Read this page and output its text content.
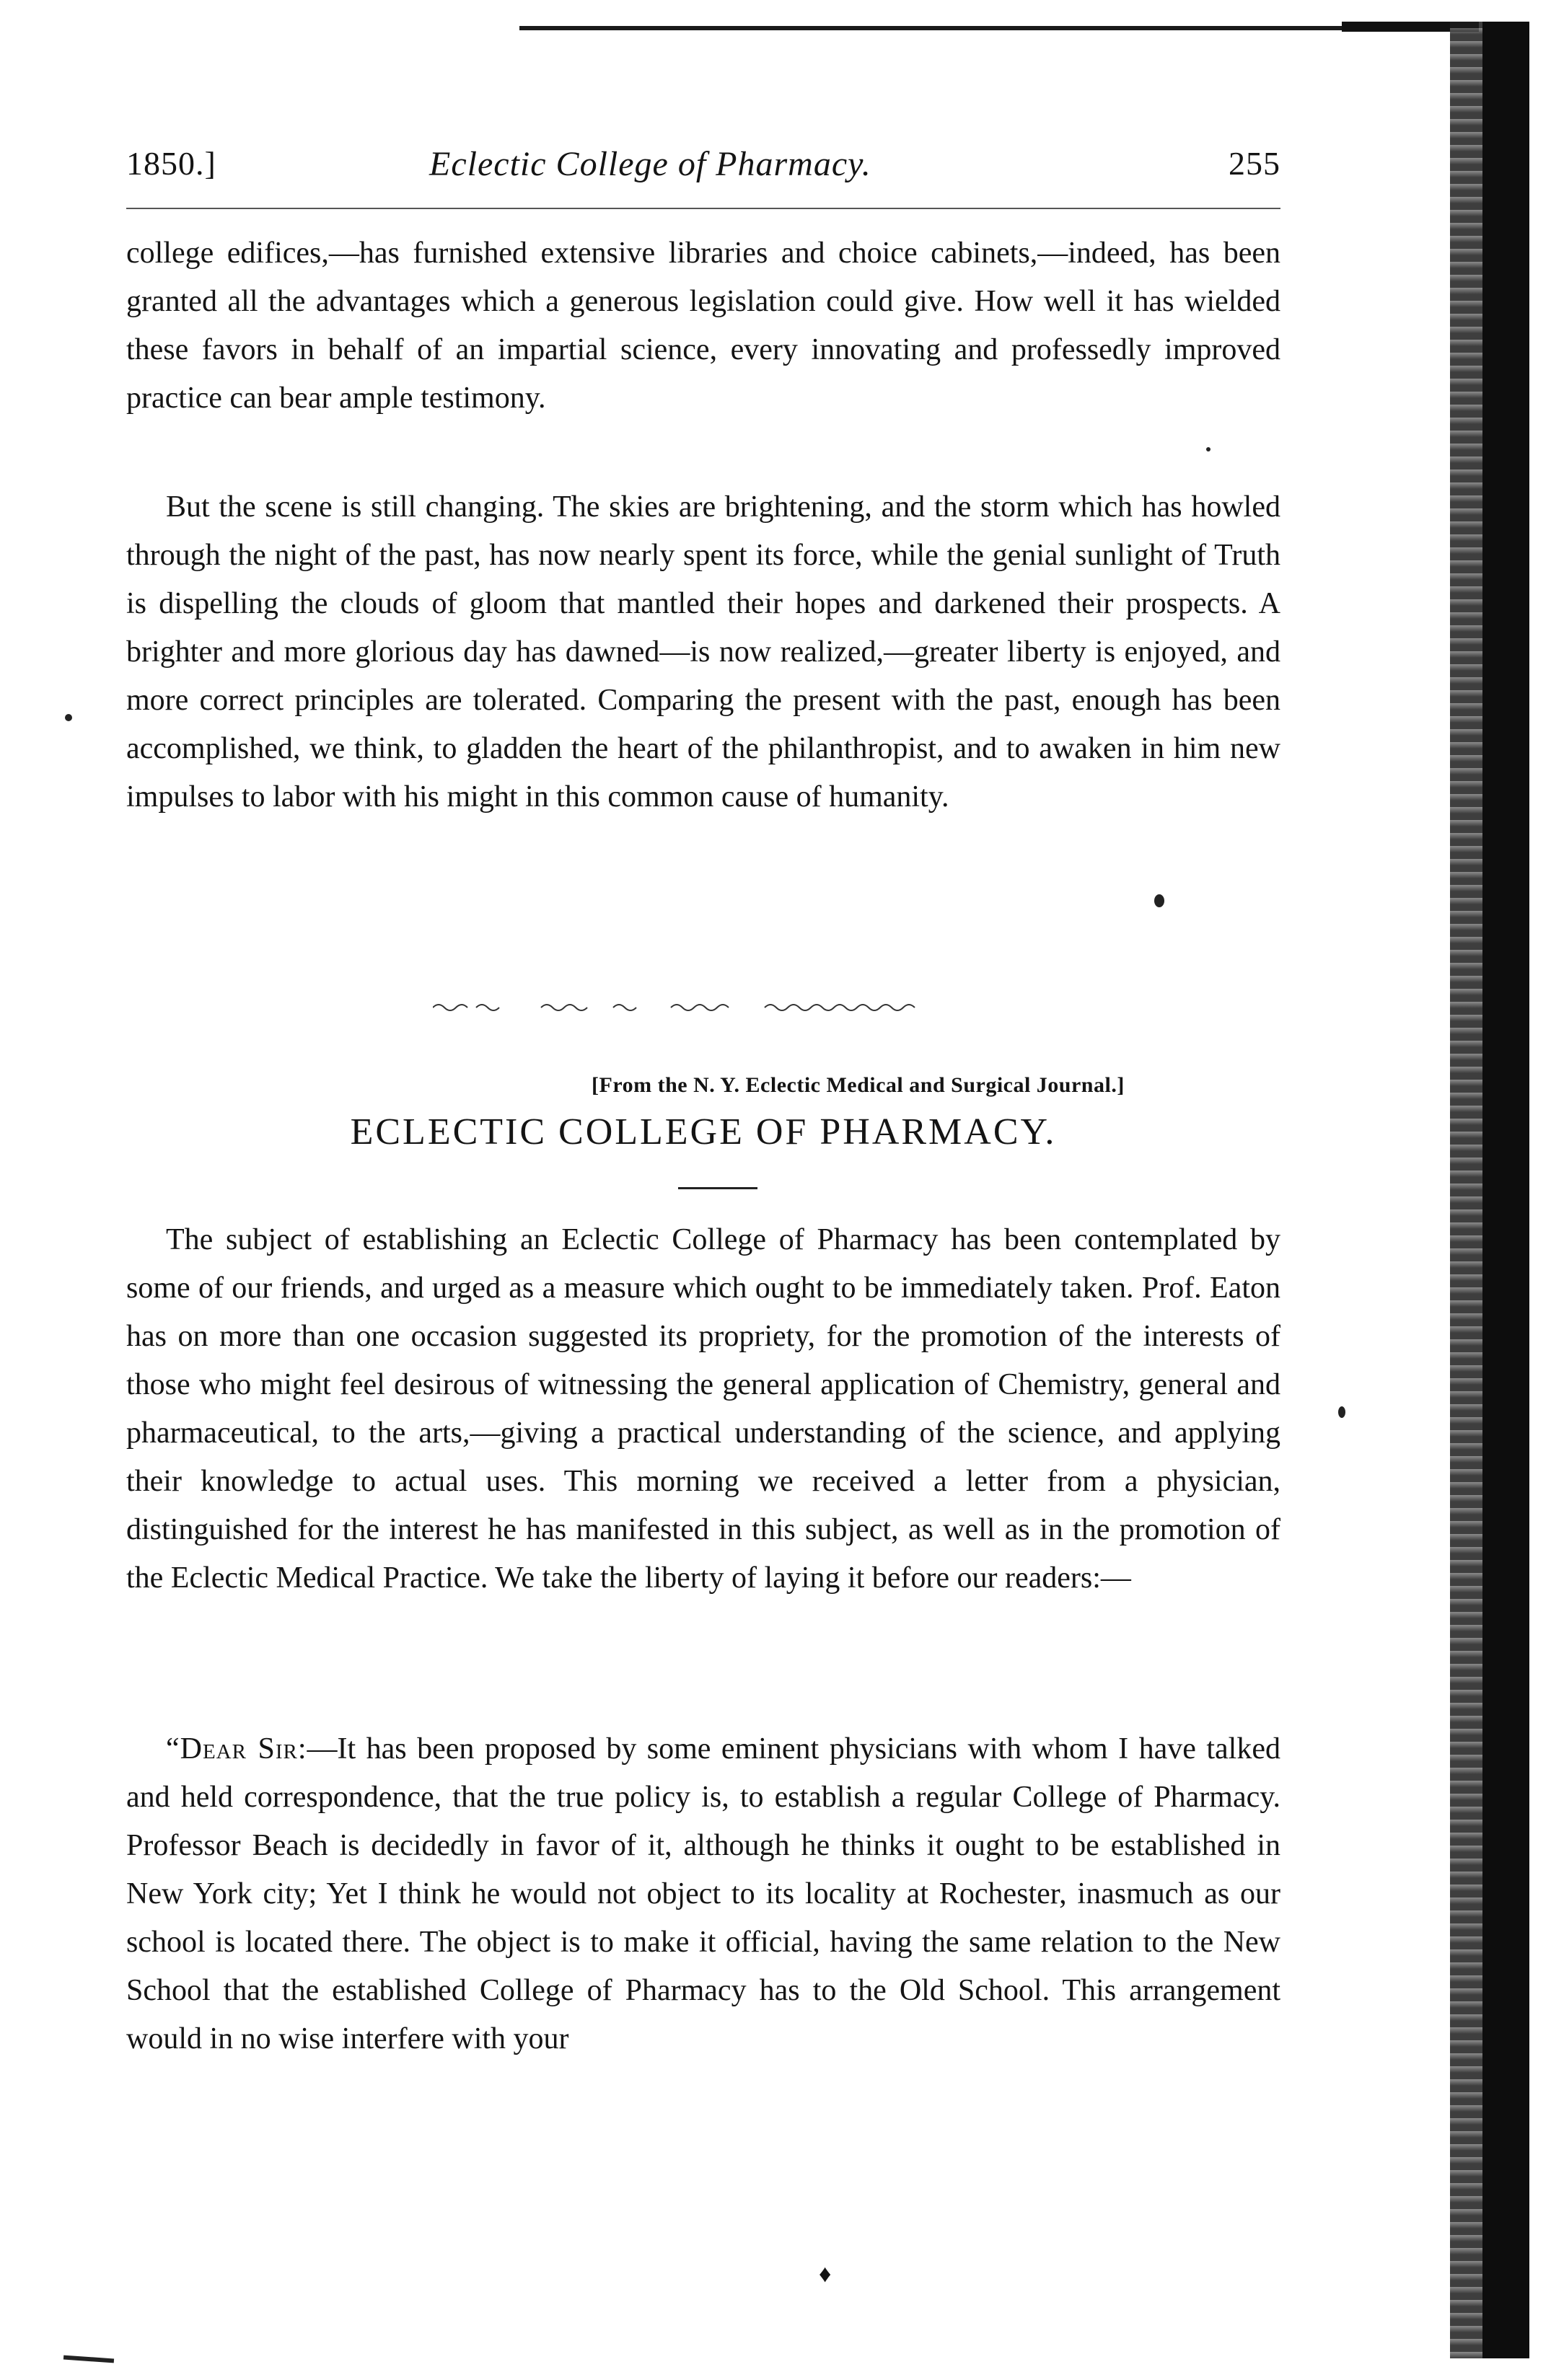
1850.]	Eclectic College of Pharmacy.	255

college edifices,—has furnished extensive libraries and choice cabinets,—indeed, has been granted all the advantages which a generous legislation could give. How well it has wielded these favors in behalf of an impartial science, every innovating and professedly improved practice can bear ample testimony.

But the scene is still changing. The skies are brightening, and the storm which has howled through the night of the past, has now nearly spent its force, while the genial sunlight of Truth is dispelling the clouds of gloom that mantled their hopes and darkened their prospects. A brighter and more glorious day has dawned—is now realized,—greater liberty is enjoyed, and more correct principles are tolerated. Comparing the present with the past, enough has been accomplished, we think, to gladden the heart of the philanthropist, and to awaken in him new impulses to labor with his might in this common cause of humanity.

[From the N. Y. Eclectic Medical and Surgical Journal.]
ECLECTIC COLLEGE OF PHARMACY.

The subject of establishing an Eclectic College of Pharmacy has been contemplated by some of our friends, and urged as a measure which ought to be immediately taken. Prof. Eaton has on more than one occasion suggested its propriety, for the promotion of the interests of those who might feel desirous of witnessing the general application of Chemistry, general and pharmaceutical, to the arts,—giving a practical understanding of the science, and applying their knowledge to actual uses. This morning we received a letter from a physician, distinguished for the interest he has manifested in this subject, as well as in the promotion of the Eclectic Medical Practice. We take the liberty of laying it before our readers:—

“Dear Sir:—It has been proposed by some eminent physicians with whom I have talked and held correspondence, that the true policy is, to establish a regular College of Pharmacy. Professor Beach is decidedly in favor of it, although he thinks it ought to be established in New York city; Yet I think he would not object to its locality at Rochester, inasmuch as our school is located there. The object is to make it official, having the same relation to the New School that the established College of Pharmacy has to the Old School. This arrangement would in no wise interfere with your

♦
